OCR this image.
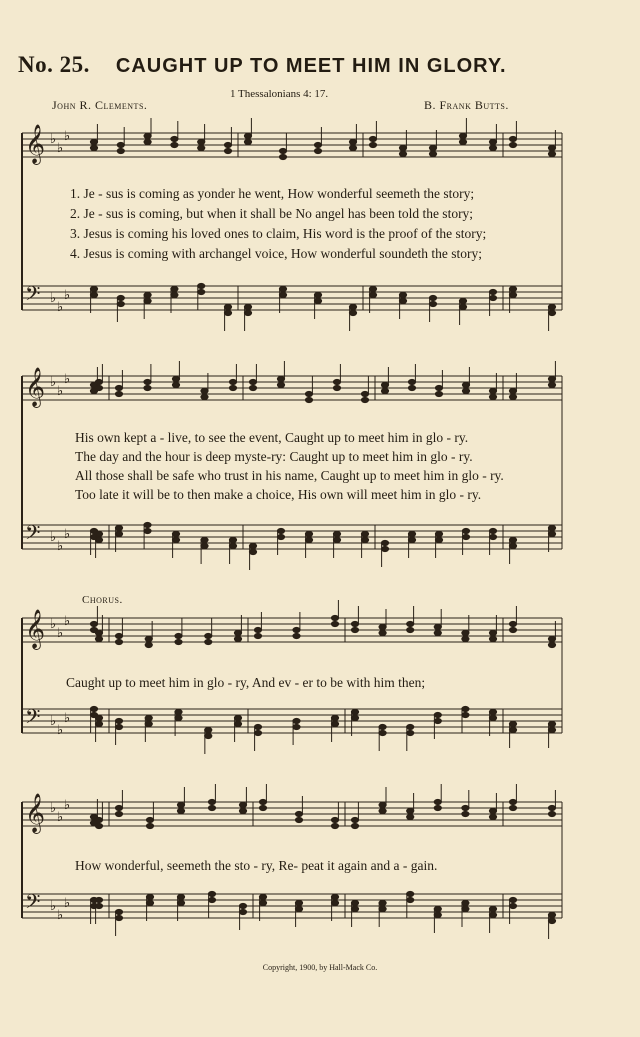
No. 25. CAUGHT UP TO MEET HIM IN GLORY.
1 Thessalonians 4: 17.
John R. Clements.	B. Frank Butts.
𝄞 ♭
♭
♭
𝄢 ♭
♭
♭
𝄞 ♭
♭
♭
𝄢 ♭
♭
♭
𝄞 ♭
♭
♭
𝄢 ♭
♭
♭
𝄞 ♭
♭
♭
𝄢 ♭
♭
♭
1. Je - sus is coming as yonder he went, How wonderful seemeth the story;
2. Je - sus is coming, but when it shall be No angel has been told the story;
3. Jesus is coming his loved ones to claim, His word is the proof of the story;
4. Jesus is coming with archangel voice, How wonderful soundeth the story;
His own kept a - live, to see the event, Caught up to meet him in glo - ry.
The day and the hour is deep myste-ry: Caught up to meet him in glo - ry.
All those shall be safe who trust in his name, Caught up to meet him in glo - ry.
Too late it will be to then make a choice, His own will meet him in glo - ry.
Chorus.
Caught up to meet him in glo - ry, And ev - er to be with him then;
How wonderful, seemeth the sto - ry, Re- peat it again and a - gain.
Copyright, 1900, by Hall-Mack Co.
